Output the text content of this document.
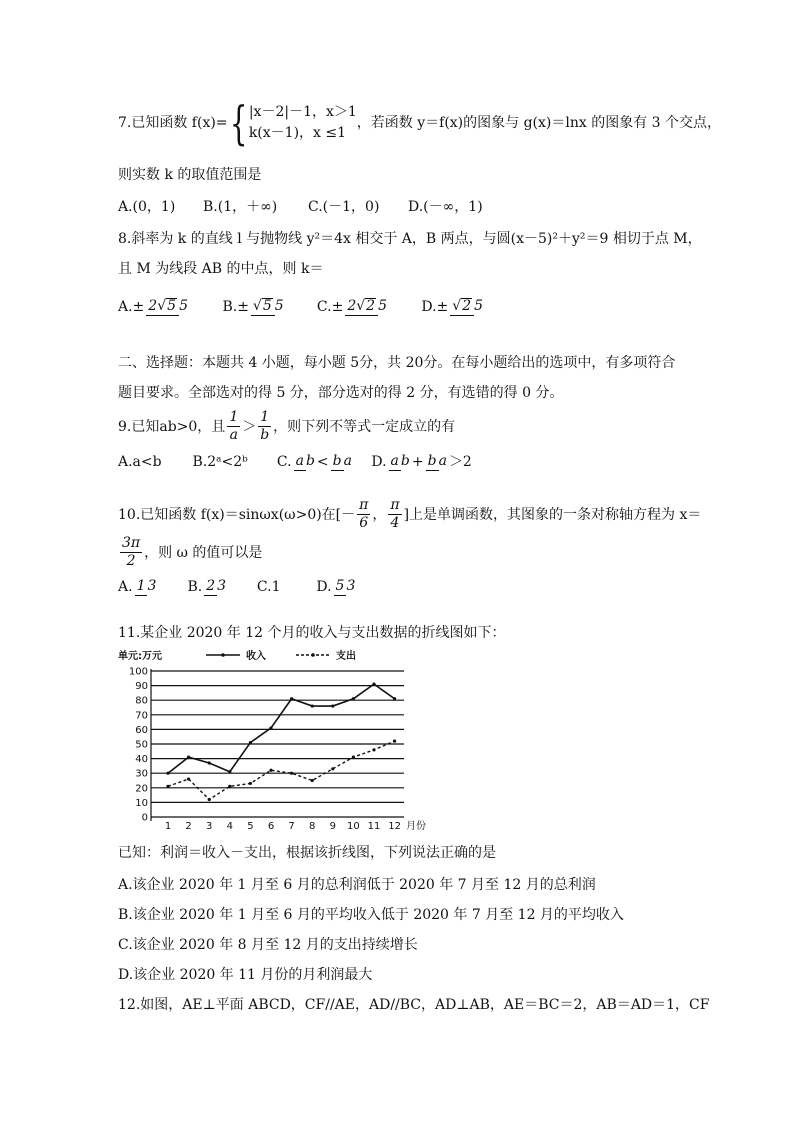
7.已知函数 f(x)={ |x－2|－1，x＞1
k(x－1)，x ≤1
，若函数 y＝f(x)的图象与 g(x)＝lnx 的图象有 3 个交点，
则实数 k 的取值范围是
A.(0，1) B.(1，＋∞) C.(－1，0) D.(－∞，1)
8.斜率为 k 的直线 l 与抛物线 y²＝4x 相交于 A，B 两点，与圆(x－5)²＋y²＝9 相切于点 M，
且 M 为线段 AB 的中点，则 k＝
A.± 2√5 5 B.± √5 5 C.± 2√2 5 D.± √2 5
二、选择题：本题共 4 小题，每小题 5分，共 20分。在每小题给出的选项中，有多项符合
题目要求。全部选对的得 5 分，部分选对的得 2 分，有选错的得 0 分。
9.已知ab>0，且 $\frac{1}{a} > \frac{1}{b}$ ，则下列不等式一定成立的有
A.a<b B.2ᵃ<2ᵇ C. a b < b a D. a b + b a ＞2
10.已知函数 f(x)＝sinωx(ω>0)在[－ $\frac{\pi}{6}$ ， $\frac{\pi}{4}$ ]上是单调函数，其图象的一条对称轴方程为 x＝
$\frac{3\pi}{2}$ ，则 ω 的值可以是
A. 1 3 B. 2 3 C.1	D. 5 3
11.某企业 2020 年 12 个月的收入与支出数据的折线图如下：
0
10
20
30
40
50
60
70
80
90
100
1 2 3 4 5 6 7 8 9 10 11 12 月份
单元:万元	收入	支出
已知：利润＝收入－支出，根据该折线图，下列说法正确的是
A.该企业 2020 年 1 月至 6 月的总利润低于 2020 年 7 月至 12 月的总利润
B.该企业 2020 年 1 月至 6 月的平均收入低于 2020 年 7 月至 12 月的平均收入
C.该企业 2020 年 8 月至 12 月的支出持续增长
D.该企业 2020 年 11 月份的月利润最大
12.如图，AE⊥平面 ABCD，CF//AE，AD//BC，AD⊥AB，AE＝BC＝2，AB＝AD＝1，CF
